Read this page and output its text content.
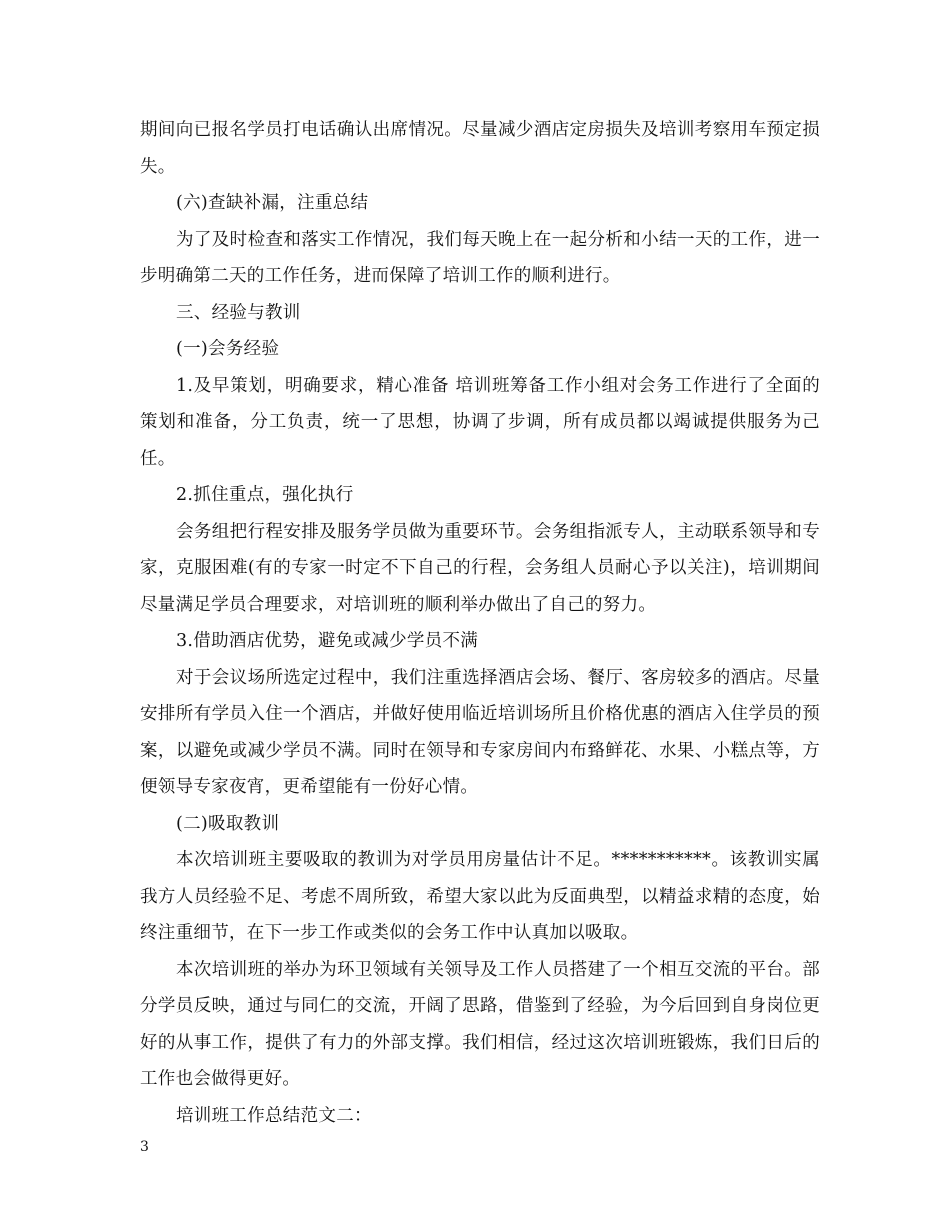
期间向已报名学员打电话确认出席情况。尽量减少酒店定房损失及培训考察用车预定损失。

(六)查缺补漏，注重总结

为了及时检查和落实工作情况，我们每天晚上在一起分析和小结一天的工作，进一步明确第二天的工作任务，进而保障了培训工作的顺利进行。

三、经验与教训

(一)会务经验

1.及早策划，明确要求，精心准备 培训班筹备工作小组对会务工作进行了全面的策划和准备，分工负责，统一了思想，协调了步调，所有成员都以竭诚提供服务为己任。

2.抓住重点，强化执行

会务组把行程安排及服务学员做为重要环节。会务组指派专人，主动联系领导和专家，克服困难(有的专家一时定不下自己的行程，会务组人员耐心予以关注)，培训期间尽量满足学员合理要求，对培训班的顺利举办做出了自己的努力。

3.借助酒店优势，避免或减少学员不满

对于会议场所选定过程中，我们注重选择酒店会场、餐厅、客房较多的酒店。尽量安排所有学员入住一个酒店，并做好使用临近培训场所且价格优惠的酒店入住学员的预案，以避免或减少学员不满。同时在领导和专家房间内布臵鲜花、水果、小糕点等，方便领导专家夜宵，更希望能有一份好心情。

(二)吸取教训

本次培训班主要吸取的教训为对学员用房量估计不足。***********。该教训实属我方人员经验不足、考虑不周所致，希望大家以此为反面典型，以精益求精的态度，始终注重细节，在下一步工作或类似的会务工作中认真加以吸取。

本次培训班的举办为环卫领域有关领导及工作人员搭建了一个相互交流的平台。部分学员反映，通过与同仁的交流，开阔了思路，借鉴到了经验，为今后回到自身岗位更好的从事工作，提供了有力的外部支撑。我们相信，经过这次培训班锻炼，我们日后的工作也会做得更好。

培训班工作总结范文二：

3
